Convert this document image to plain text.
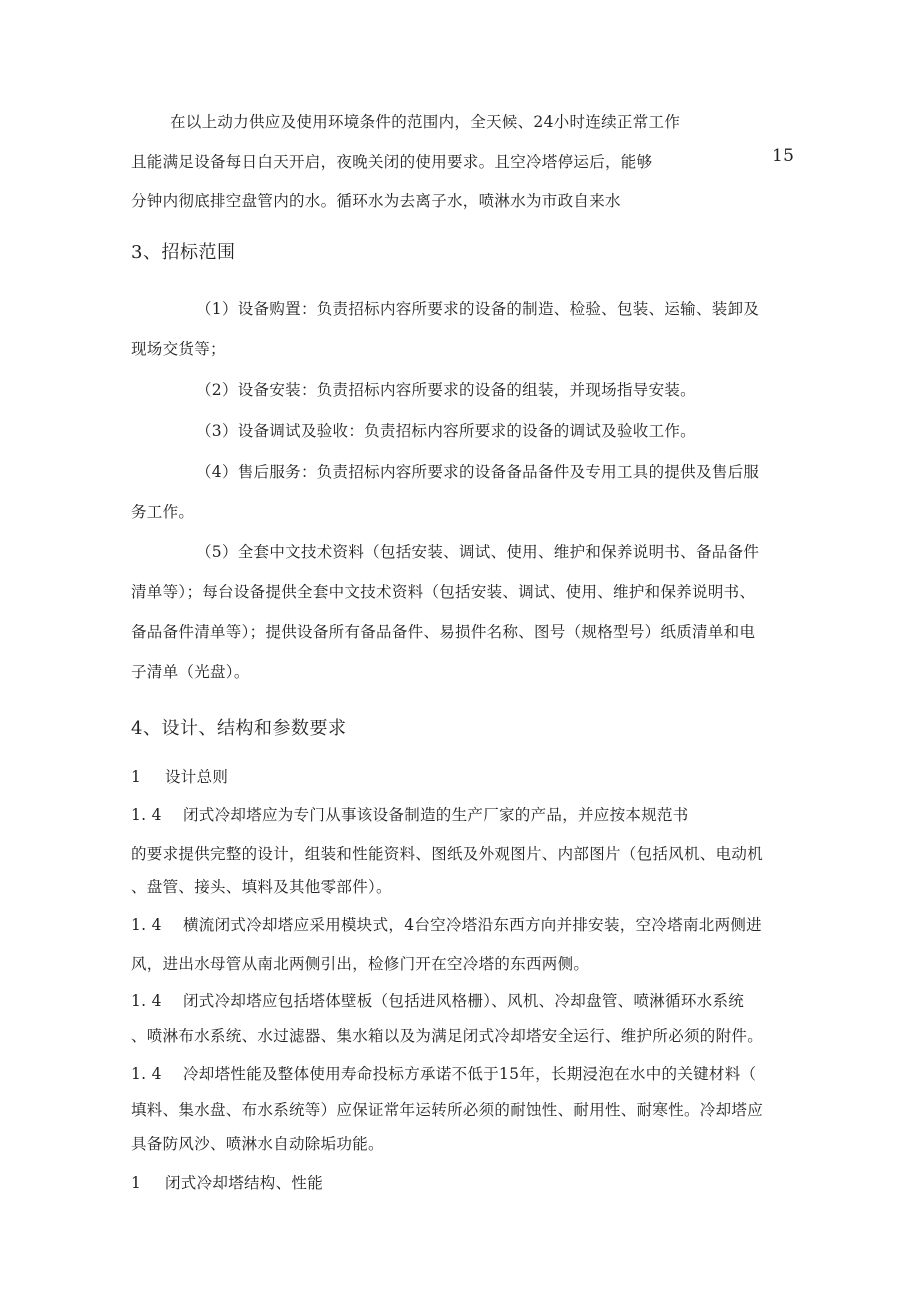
在以上动力供应及使用环境条件的范围内，全天候、24小时连续正常工作
且能满足设备每日白天开启，夜晚关闭的使用要求。且空冷塔停运后，能够	15
分钟内彻底排空盘管内的水。循环水为去离子水，喷淋水为市政自来水
3、招标范围
（1）设备购置：负责招标内容所要求的设备的制造、检验、包装、运输、装卸及
现场交货等；
（2）设备安装：负责招标内容所要求的设备的组装，并现场指导安装。
（3）设备调试及验收：负责招标内容所要求的设备的调试及验收工作。
（4）售后服务：负责招标内容所要求的设备备品备件及专用工具的提供及售后服
务工作。
（5）全套中文技术资料（包括安装、调试、使用、维护和保养说明书、备品备件
清单等）；每台设备提供全套中文技术资料（包括安装、调试、使用、维护和保养说明书、
备品备件清单等）；提供设备所有备品备件、易损件名称、图号（规格型号）纸质清单和电
子清单（光盘）。
4、设计、结构和参数要求
1 设计总则
1. 4 闭式冷却塔应为专门从事该设备制造的生产厂家的产品，并应按本规范书
的要求提供完整的设计，组装和性能资料、图纸及外观图片、内部图片（包括风机、电动机
、盘管、接头、填料及其他零部件）。
1. 4 横流闭式冷却塔应采用模块式，4台空冷塔沿东西方向并排安装，空冷塔南北两侧进
风，进出水母管从南北两侧引出，检修门开在空冷塔的东西两侧。
1. 4 闭式冷却塔应包括塔体壁板（包括进风格栅）、风机、冷却盘管、喷淋循环水系统
、喷淋布水系统、水过滤器、集水箱以及为满足闭式冷却塔安全运行、维护所必须的附件。
1. 4 冷却塔性能及整体使用寿命投标方承诺不低于15年，长期浸泡在水中的关键材料（
填料、集水盘、布水系统等）应保证常年运转所必须的耐蚀性、耐用性、耐寒性。冷却塔应
具备防风沙、喷淋水自动除垢功能。
1 闭式冷却塔结构、性能
